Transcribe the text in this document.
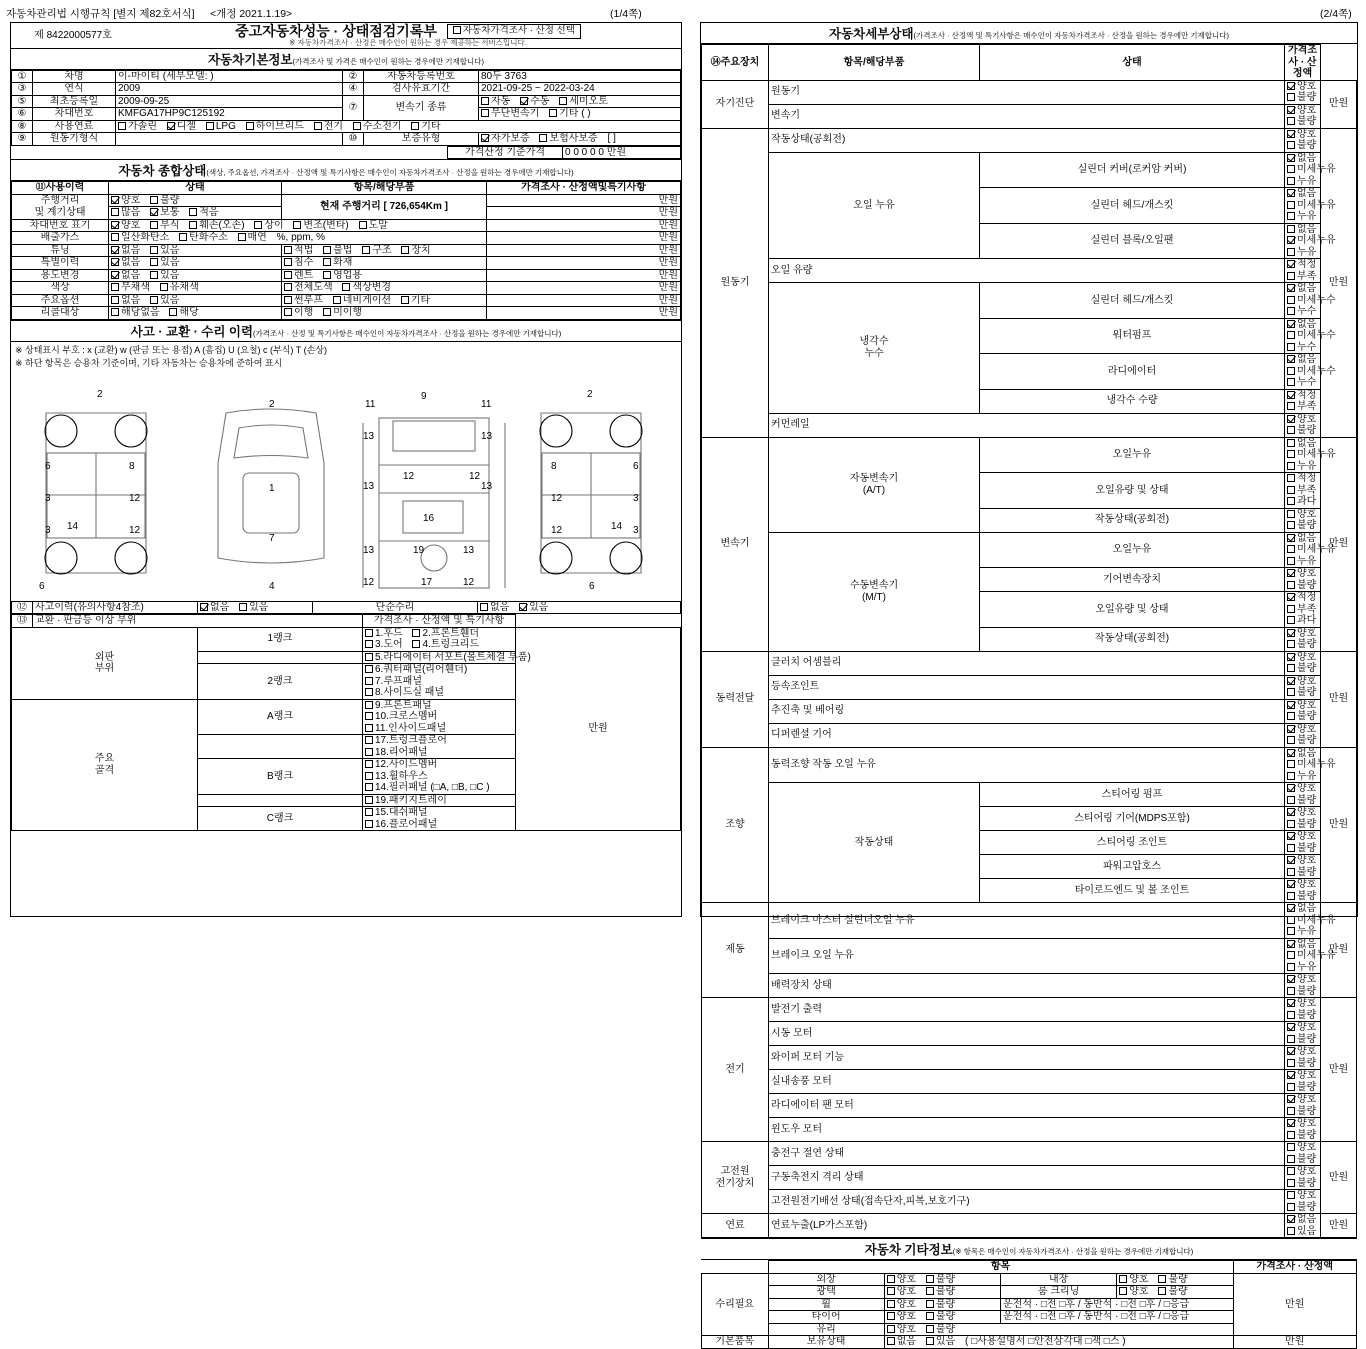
자동차관리법 시행규칙 [별지 제82호서식] <개정 2021.1.19>	(1/4쪽)	(2/4쪽)
제 8422000577호	중고자동차성능 · 상태점검기록부	자동차가격조사 · 산정 선택
※ 자동차가격조사 · 산정은 매수인이 원하는 경우 제공하는 서비스입니다.
자동차기본정보(가격조사 및 가격은 매수인이 원하는 경우에만 기재합니다)
①	차명	이-마이티 (세부모델: )	②	자동차등록번호	80두 3763
③	연식	2009	④	검사유효기간	2021-09-25 ~ 2022-03-24
⑤	최초등록일	2009-09-25	⑦	변속기 종류	자동 수동 세미오토
⑥	차대번호	KMFGA17HP9C125192			무단변속기 기타 ( )
⑧	사용연료	가솔린 디젤 LPG 하이브리드 전기 수소전기 기타			
⑨	원동기형식		⑩	보증유형	자가보증 보험사보증 [ ]
	가격산정 기준가격	0 0 0 0 0 만원
자동차 종합상태(색상, 주요옵션, 가격조사 · 산정액 및 특기사항은 매수인이 자동차가격조사 · 산정을 원하는 경우에만 기재합니다)
⑪사용이력	상태	항목/해당부품	가격조사 · 산정액및특기사항
주행거리
및 계기상태	양호 불량	현재 주행거리 [ 726,654Km ]	만원
	많음 보통 적음		만원
차대번호 표기	양호 부식 훼손(오손) 상이 변조(변타) 도말		만원
배출가스	일산화탄소 탄화수소 매연 %, ppm, %		만원
튜닝	없음 있음	적법 불법 구조 장치	만원
특별이력	없음 있음	침수 화재	만원
용도변경	없음 있음	렌트 영업용	만원
색상	무채색 유채색	전체도색 색상변경	만원
주요옵션	없음 있음	썬루프 네비게이션 기타	만원
리콜대상	해당없음 해당	이행 미이행	만원
사고 · 교환 · 수리 이력(가격조사 · 산정 및 특기사항은 매수인이 자동차가격조사 · 산정을 원하는 경우에만 기재합니다)
※ 상태표시 부호 : x (교환) w (판금 또는 용접) A (흠집) U (요철) c (부식) T (손상)
※ 하단 항목은 승용차 기준이며, 기타 자동차는 승용차에 준하여 표시
2
6
3
3
6
14
8
12
12
2
1
7
4
11
9
11
13	13
13
12	12
13
16
13	19	13
12	17	12
2
8
12
12
6
14
6
3
3
⑫	사고이력(유의사항4참조)	없음 있음	단순수리	없음 있음
⑬	교환 · 판금등 이상 부위		가격조사 · 산정액 및 특기사항	
외판
부위		1랭크	1.후드 2.프론트휀더 3.도어 4.트렁크리드	만원
			5.라디에이터 서포트(볼트체결 부품)	
		2랭크	6.쿼터패널(리어휀더) 7.루프패널 8.사이드실 패널	
주요
골격		A랭크	9.프론트패널 10.크로스멤버 11.인사이드패널	
			17.트렁크플로어 18.리어패널	
		B랭크	12.사이드멤버 13.휠하우스 14.필러패널 (□A, □B, □C )	
			19.패키지트레이	
		C랭크	15.대쉬패널 16.플로어패널	
자동차세부상태(가격조사 · 산정액 및 특기사항은 매수인이 자동차가격조사 · 산정을 원하는 경우에만 기재합니다)
⑭주요장치	항목/해당부품	상태	가격조사 · 산정액	
자기진단	원동기		양호불량	만원
	변속기		양호불량	
원동기	작동상태(공회전)		양호불량	만원
	오일 누유	실린더 커버(로커암 커버)	없음미세누유누유	
		실린더 헤드/개스킷	없음미세누유누유	
		실린더 블록/오일팬	없음미세누유누유	
	오일 유량		적정부족	
	냉각수
누수	실린더 헤드/개스킷	없음미세누수누수	
		워터펌프	없음미세누수누수	
		라디에이터	없음미세누수누수	
		냉각수 수량	적정부족	
	커먼레일		양호불량	
변속기	자동변속기
(A/T)	오일누유	없음미세누유누유	만원
		오일유량 및 상태	적정부족과다	
		작동상태(공회전)	양호불량	
	수동변속기
(M/T)	오일누유	없음미세누유누유	
		기어변속장치	양호불량	
		오일유량 및 상태	적정부족과다	
		작동상태(공회전)	양호불량	
동력전달	클러치 어셈블리		양호불량	만원
	등속조인트		양호불량	
	추진축 및 베어링		양호불량	
	디퍼렌셜 기어		양호불량	
조향	동력조향 작동 오일 누유		없음미세누유누유	만원
	작동상태	스티어링 펌프	양호불량	
		스티어링 기어(MDPS포함)	양호불량	
		스티어링 조인트	양호불량	
		파워고압호스	양호불량	
		타이로드엔드 및 볼 조인트	양호불량	
제동	브레이크 마스터 실린더오일 누유		없음미세누유누유	만원
	브레이크 오일 누유		없음미세누유누유	
	배력장치 상태		양호불량	
전기	발전기 출력		양호불량	만원
	시동 모터		양호불량	
	와이퍼 모터 기능		양호불량	
	실내송풍 모터		양호불량	
	라디에이터 팬 모터		양호불량	
	윈도우 모터		양호불량	
고전원
전기장치	충전구 절연 상태		양호불량	만원
	구동축전지 격리 상태		양호불량	
	고전원전기배선 상태(접속단자,피복,보호기구)		양호불량	
연료	연료누출(LP가스포함)		없음있음	만원
자동차 기타정보(※ 항목은 매수인이 자동차가격조사 · 산정을 원하는 경우에만 기재합니다)
	항목				가격조사 · 산정액
수리필요	외장	양호 불량	내장	양호 불량	만원
	광택	양호 불량	룸 크리닝	양호 불량	
	휠	양호 불량	운전석 · □전 □후 / 동반석 · □전 □후 / □응급		
	타이어	양호 불량	운전석 · □전 □후 / 동반석 · □전 □후 / □응급		
	유리	양호 불량			
기본품목	보유상태	없음 있음 ( □사용설명서 □안전삼각대 □잭 □스 )			만원
